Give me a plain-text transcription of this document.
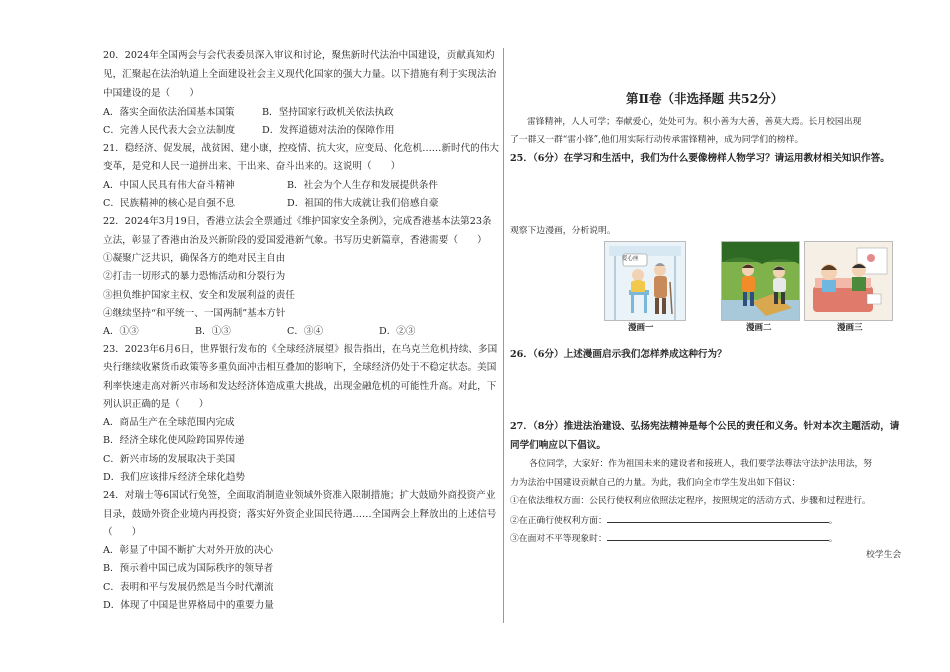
20．2024年全国两会与会代表委员深入审议和讨论，聚焦新时代法治中国建设，贡献真知灼
见，汇聚起在法治轨道上全面建设社会主义现代化国家的强大力量。以下措施有利于实现法治
中国建设的是（　　）
A．落实全面依法治国基本国策	B．坚持国家行政机关依法执政
C．完善人民代表大会立法制度	D．发挥道德对法治的保障作用
21．稳经济、促发展，战贫困、建小康，控疫情、抗大灾，应变局、化危机……新时代的伟大
变革，是党和人民一道拼出来、干出来、奋斗出来的。这说明（　　）
A．中国人民具有伟大奋斗精神	B．社会为个人生存和发展提供条件
C．民族精神的核心是自强不息	D．祖国的伟大成就让我们倍感自豪
22．2024年3月19日，香港立法会全票通过《维护国家安全条例》，完成香港基本法第23条
立法，彰显了香港由治及兴新阶段的爱国爱港新气象。书写历史新篇章，香港需要（　　）
①凝聚广泛共识，确保各方的绝对民主自由
②打击一切形式的暴力恐怖活动和分裂行为
③担负维护国家主权、安全和发展利益的责任
④继续坚持“和平统一、一国两制”基本方针
A．①③	B．①③	C．③④	D．②③
23．2023年6月6日，世界银行发布的《全球经济展望》报告指出，在乌克兰危机持续、多国
央行继续收紧货币政策等多重负面冲击相互叠加的影响下，全球经济仍处于不稳定状态。美国
利率快速走高对新兴市场和发达经济体造成重大挑战，出现金融危机的可能性升高。对此，下
列认识正确的是（　　）
A．商品生产在全球范围内完成
B．经济全球化使风险跨国界传递
C．新兴市场的发展取决于美国
D．我们应该排斥经济全球化趋势
24．对瑞士等6国试行免签，全面取消制造业领域外资准入限制措施；扩大鼓励外商投资产业
目录，鼓励外资企业境内再投资；落实好外资企业国民待遇……全国两会上释放出的上述信号
（　　）
A．彰显了中国不断扩大对外开放的决心
B．预示着中国已成为国际秩序的领导者
C．表明和平与发展仍然是当今时代潮流
D．体现了中国是世界格局中的重要力量
第Ⅱ卷（非选择题 共52分）
雷锋精神，人人可学；奉献爱心，处处可为。积小善为大善，善莫大焉。长月校园出现
了一群又一群“雷小锋”,他们用实际行动传承雷锋精神，成为同学们的榜样。
25．（6分）在学习和生活中，我们为什么要像榜样人物学习？请运用教材相关知识作答。
观察下边漫画，分析说明。
爱心座
漫画一	漫画二	漫画三
26．（6分）上述漫画启示我们怎样养成这种行为？
27．（8分）推进法治建设、弘扬宪法精神是每个公民的责任和义务。针对本次主题活动，请
同学们响应以下倡议。
各位同学，大家好：作为祖国未来的建设者和接班人，我们要学法尊法守法护法用法，努
力为法治中国建设贡献自己的力量。为此，我们向全市学生发出如下倡议：
①在依法维权方面：公民行使权利应依照法定程序，按照规定的活动方式、步骤和过程进行。
②在正确行使权利方面：	。
③在面对不平等现象时：	。
校学生会
